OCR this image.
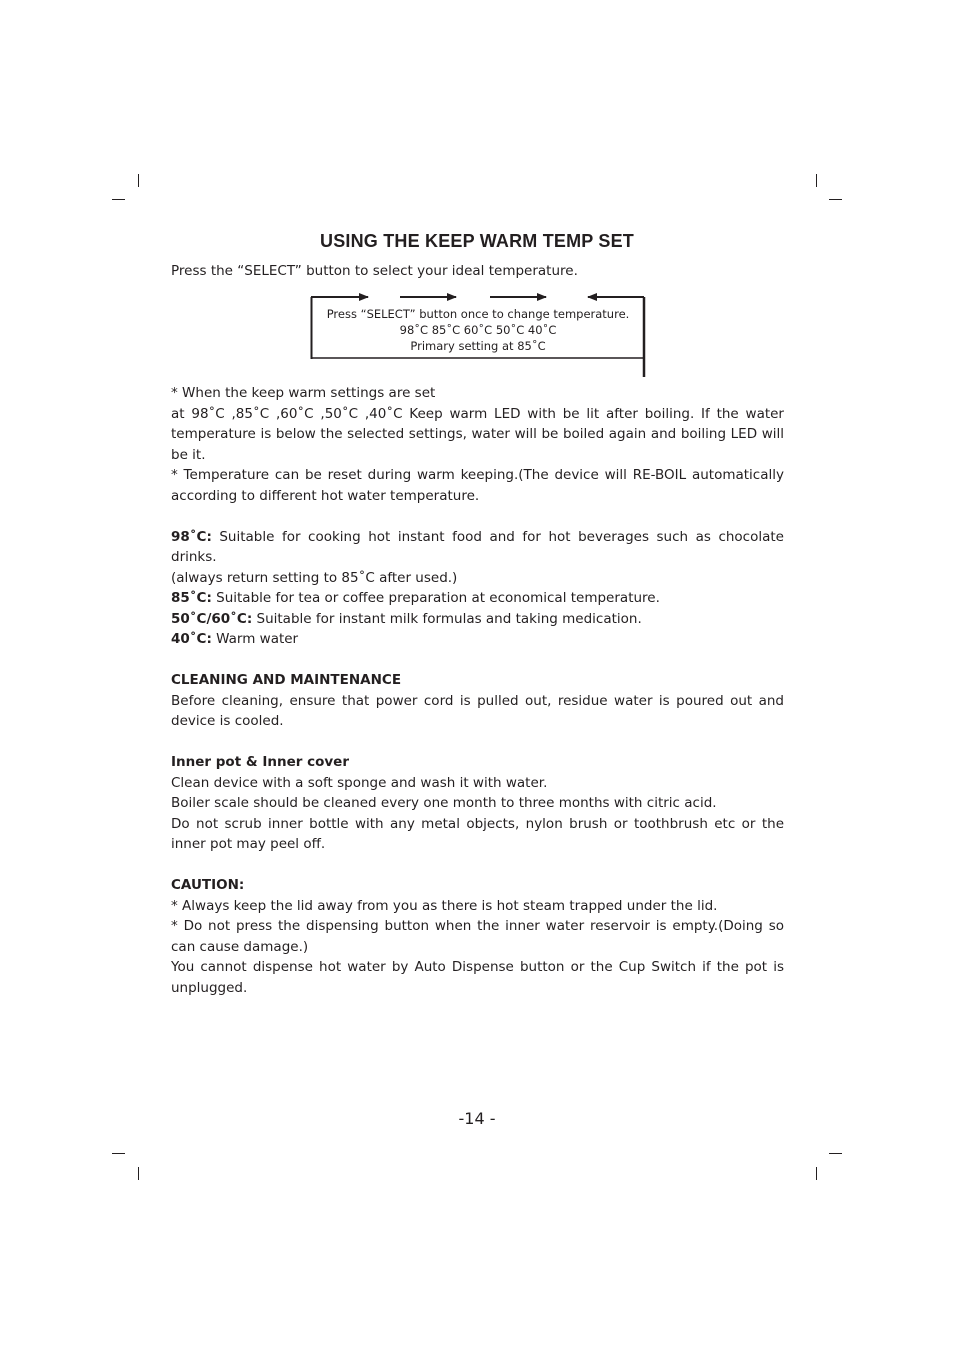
USING THE KEEP WARM TEMP SET
Press the “SELECT” button to select your ideal temperature.
Press “SELECT” button once to change temperature.
98˚C 85˚C 60˚C 50˚C 40˚C
Primary setting at 85˚C

* When the keep warm settings are set

at 98˚C ,85˚C ,60˚C ,50˚C ,40˚C Keep warm LED with be lit after boiling. If the water temperature is below the selected settings, water will be boiled again and boiling LED will be it.

* Temperature can be reset during warm keeping.(The device will RE-BOIL automatically according to different hot water temperature.

98˚C: Suitable for cooking hot instant food and for hot beverages such as chocolate drinks.

(always return setting to 85˚C after used.)

85˚C: Suitable for tea or coffee preparation at economical temperature.

50˚C/60˚C: Suitable for instant milk formulas and taking medication.

40˚C: Warm water

CLEANING AND MAINTENANCE

Before cleaning, ensure that power cord is pulled out, residue water is poured out and device is cooled.

Inner pot & Inner cover

Clean device with a soft sponge and wash it with water.

Boiler scale should be cleaned every one month to three months with citric acid.

Do not scrub inner bottle with any metal objects, nylon brush or toothbrush etc or the inner pot may peel off.

CAUTION:

* Always keep the lid away from you as there is hot steam trapped under the lid.

* Do not press the dispensing button when the inner water reservoir is empty.(Doing so can cause damage.)

You cannot dispense hot water by Auto Dispense button or the Cup Switch if the pot is unplugged.

-14 -
